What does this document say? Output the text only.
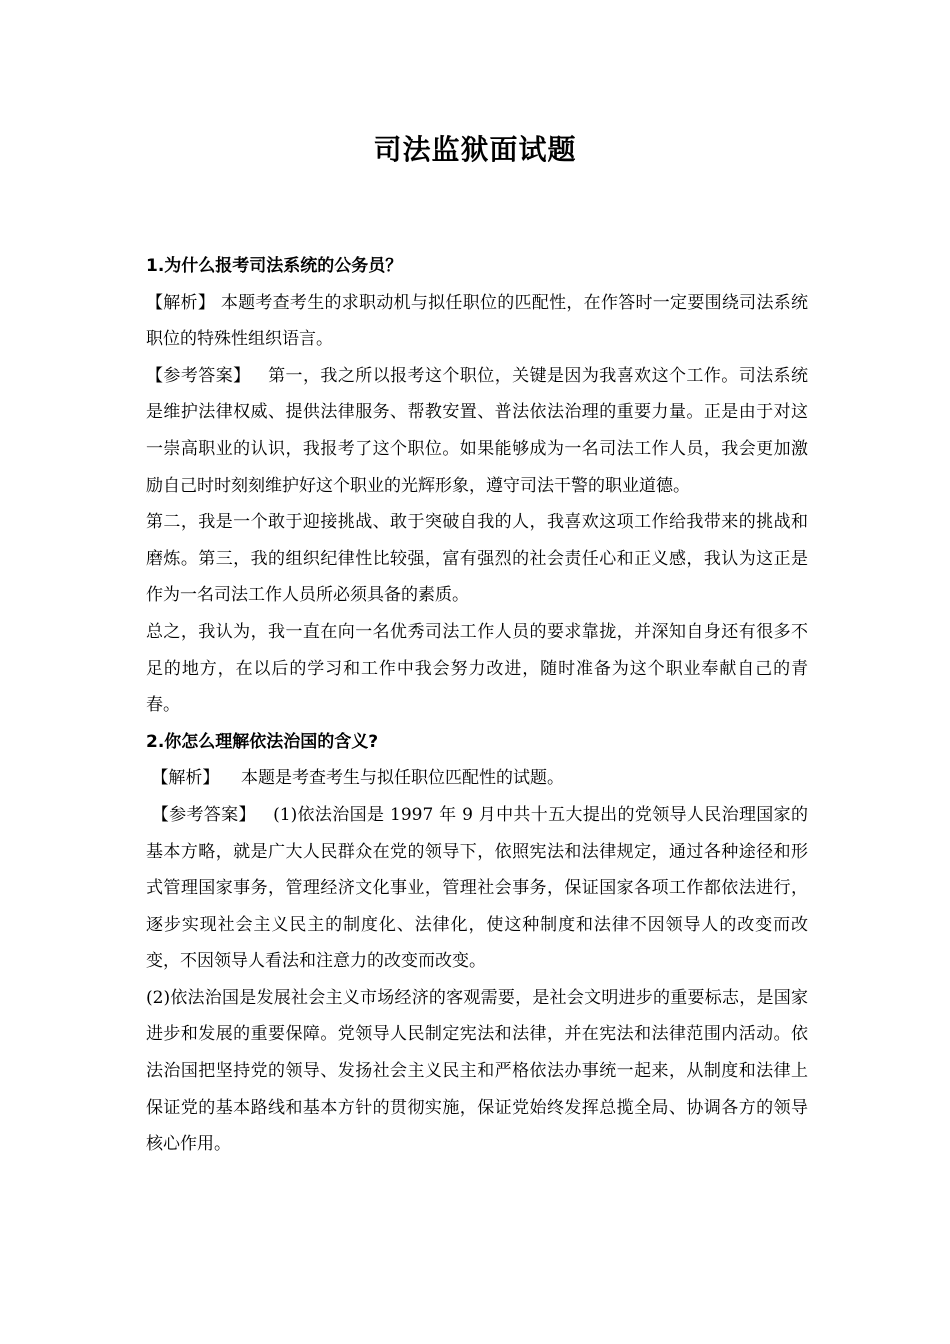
司法监狱面试题

1.为什么报考司法系统的公务员？

【解析】 本题考查考生的求职动机与拟任职位的匹配性，在作答时一定要围绕司法系统职位的特殊性组织语言。

【参考答案】 第一，我之所以报考这个职位，关键是因为我喜欢这个工作。司法系统是维护法律权威、提供法律服务、帮教安置、普法依法治理的重要力量。正是由于对这一崇高职业的认识，我报考了这个职位。如果能够成为一名司法工作人员，我会更加激励自己时时刻刻维护好这个职业的光辉形象，遵守司法干警的职业道德。

第二，我是一个敢于迎接挑战、敢于突破自我的人，我喜欢这项工作给我带来的挑战和磨炼。第三，我的组织纪律性比较强，富有强烈的社会责任心和正义感，我认为这正是作为一名司法工作人员所必须具备的素质。

总之，我认为，我一直在向一名优秀司法工作人员的要求靠拢，并深知自身还有很多不足的地方，在以后的学习和工作中我会努力改进，随时准备为这个职业奉献自己的青春。

2.你怎么理解依法治国的含义?

【解析】 本题是考查考生与拟任职位匹配性的试题。

【参考答案】 (1)依法治国是 1997 年 9 月中共十五大提出的党领导人民治理国家的基本方略，就是广大人民群众在党的领导下，依照宪法和法律规定，通过各种途径和形式管理国家事务，管理经济文化事业，管理社会事务，保证国家各项工作都依法进行，逐步实现社会主义民主的制度化、法律化，使这种制度和法律不因领导人的改变而改变，不因领导人看法和注意力的改变而改变。

(2)依法治国是发展社会主义市场经济的客观需要，是社会文明进步的重要标志，是国家进步和发展的重要保障。党领导人民制定宪法和法律，并在宪法和法律范围内活动。依法治国把坚持党的领导、发扬社会主义民主和严格依法办事统一起来，从制度和法律上保证党的基本路线和基本方针的贯彻实施，保证党始终发挥总揽全局、协调各方的领导核心作用。
